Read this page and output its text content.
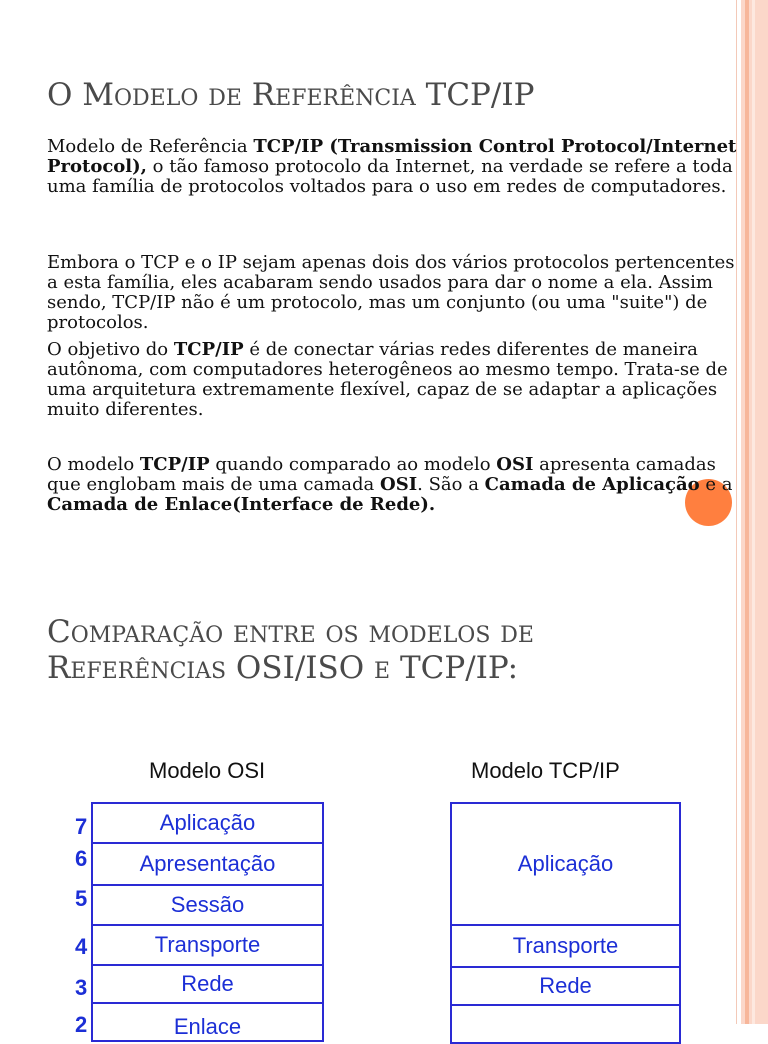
O Modelo de Referência TCP/IP

Modelo de Referência TCP/IP (Transmission Control Protocol/Internet Protocol), o tão famoso protocolo da Internet, na verdade se refere a toda uma família de protocolos voltados para o uso em redes de computadores.

Embora o TCP e o IP sejam apenas dois dos vários protocolos pertencentes a esta família, eles acabaram sendo usados para dar o nome a ela. Assim sendo, TCP/IP não é um protocolo, mas um conjunto (ou uma "suite") de protocolos.

O objetivo do TCP/IP é de conectar várias redes diferentes de maneira autônoma, com computadores heterogêneos ao mesmo tempo. Trata-se de uma arquitetura extremamente flexível, capaz de se adaptar a aplicações muito diferentes.

O modelo TCP/IP quando comparado ao modelo OSI apresenta camadas que englobam mais de uma camada OSI. São a Camada de Aplicação e a Camada de Enlace(Interface de Rede).

Comparação entre os modelos de
Referências OSI/ISO e TCP/IP:
Modelo OSI	Modelo TCP/IP
7
6
5
4
3
2
Aplicação
Apresentação
Sessão
Transporte
Rede
Enlace
Aplicação
Transporte
Rede
